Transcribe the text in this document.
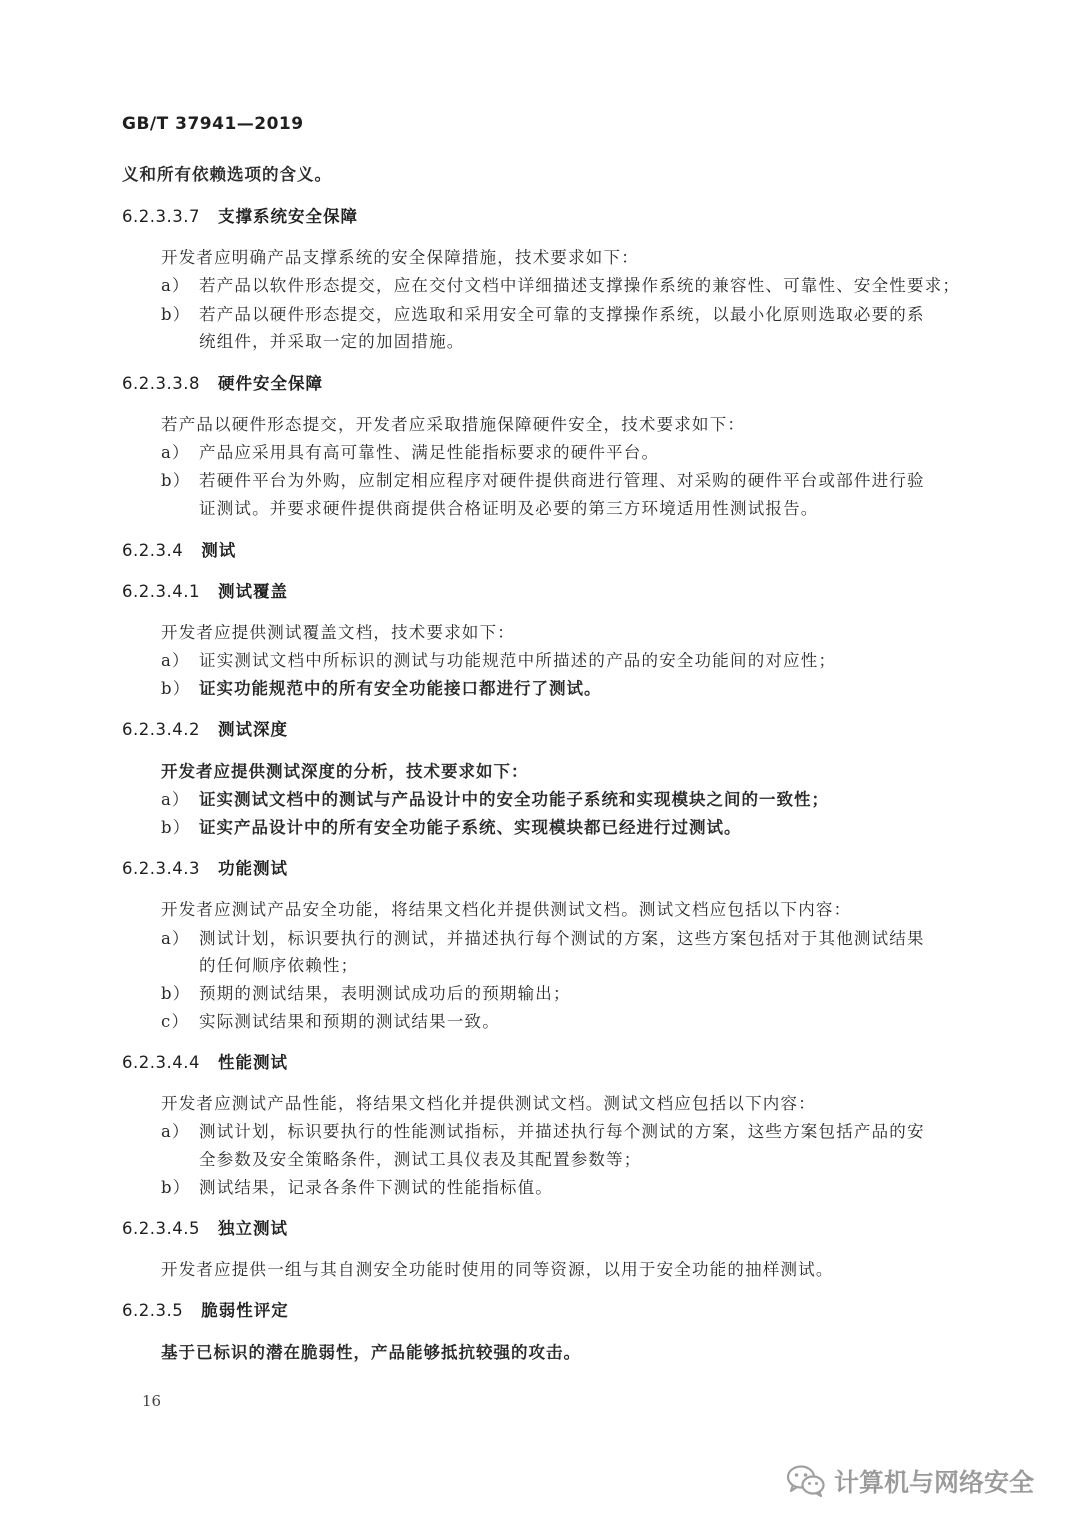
GB/T 37941—2019
义和所有依赖选项的含义。
6.2.3.3.7 支撑系统安全保障
开发者应明确产品支撑系统的安全保障措施，技术要求如下：
a） 若产品以软件形态提交，应在交付文档中详细描述支撑操作系统的兼容性、可靠性、安全性要求；
b） 若产品以硬件形态提交，应选取和采用安全可靠的支撑操作系统，以最小化原则选取必要的系
统组件，并采取一定的加固措施。
6.2.3.3.8 硬件安全保障
若产品以硬件形态提交，开发者应采取措施保障硬件安全，技术要求如下：
a） 产品应采用具有高可靠性、满足性能指标要求的硬件平台。
b） 若硬件平台为外购，应制定相应程序对硬件提供商进行管理、对采购的硬件平台或部件进行验
证测试。并要求硬件提供商提供合格证明及必要的第三方环境适用性测试报告。
6.2.3.4 测试
6.2.3.4.1 测试覆盖
开发者应提供测试覆盖文档，技术要求如下：
a） 证实测试文档中所标识的测试与功能规范中所描述的产品的安全功能间的对应性；
b） 证实功能规范中的所有安全功能接口都进行了测试。
6.2.3.4.2 测试深度
开发者应提供测试深度的分析，技术要求如下：
a） 证实测试文档中的测试与产品设计中的安全功能子系统和实现模块之间的一致性；
b） 证实产品设计中的所有安全功能子系统、实现模块都已经进行过测试。
6.2.3.4.3 功能测试
开发者应测试产品安全功能，将结果文档化并提供测试文档。测试文档应包括以下内容：
a） 测试计划，标识要执行的测试，并描述执行每个测试的方案，这些方案包括对于其他测试结果
的任何顺序依赖性；
b） 预期的测试结果，表明测试成功后的预期输出；
c） 实际测试结果和预期的测试结果一致。
6.2.3.4.4 性能测试
开发者应测试产品性能，将结果文档化并提供测试文档。测试文档应包括以下内容：
a） 测试计划，标识要执行的性能测试指标，并描述执行每个测试的方案，这些方案包括产品的安
全参数及安全策略条件，测试工具仪表及其配置参数等；
b） 测试结果，记录各条件下测试的性能指标值。
6.2.3.4.5 独立测试
开发者应提供一组与其自测安全功能时使用的同等资源，以用于安全功能的抽样测试。
6.2.3.5 脆弱性评定
基于已标识的潜在脆弱性，产品能够抵抗较强的攻击。
16
计算机与网络安全
